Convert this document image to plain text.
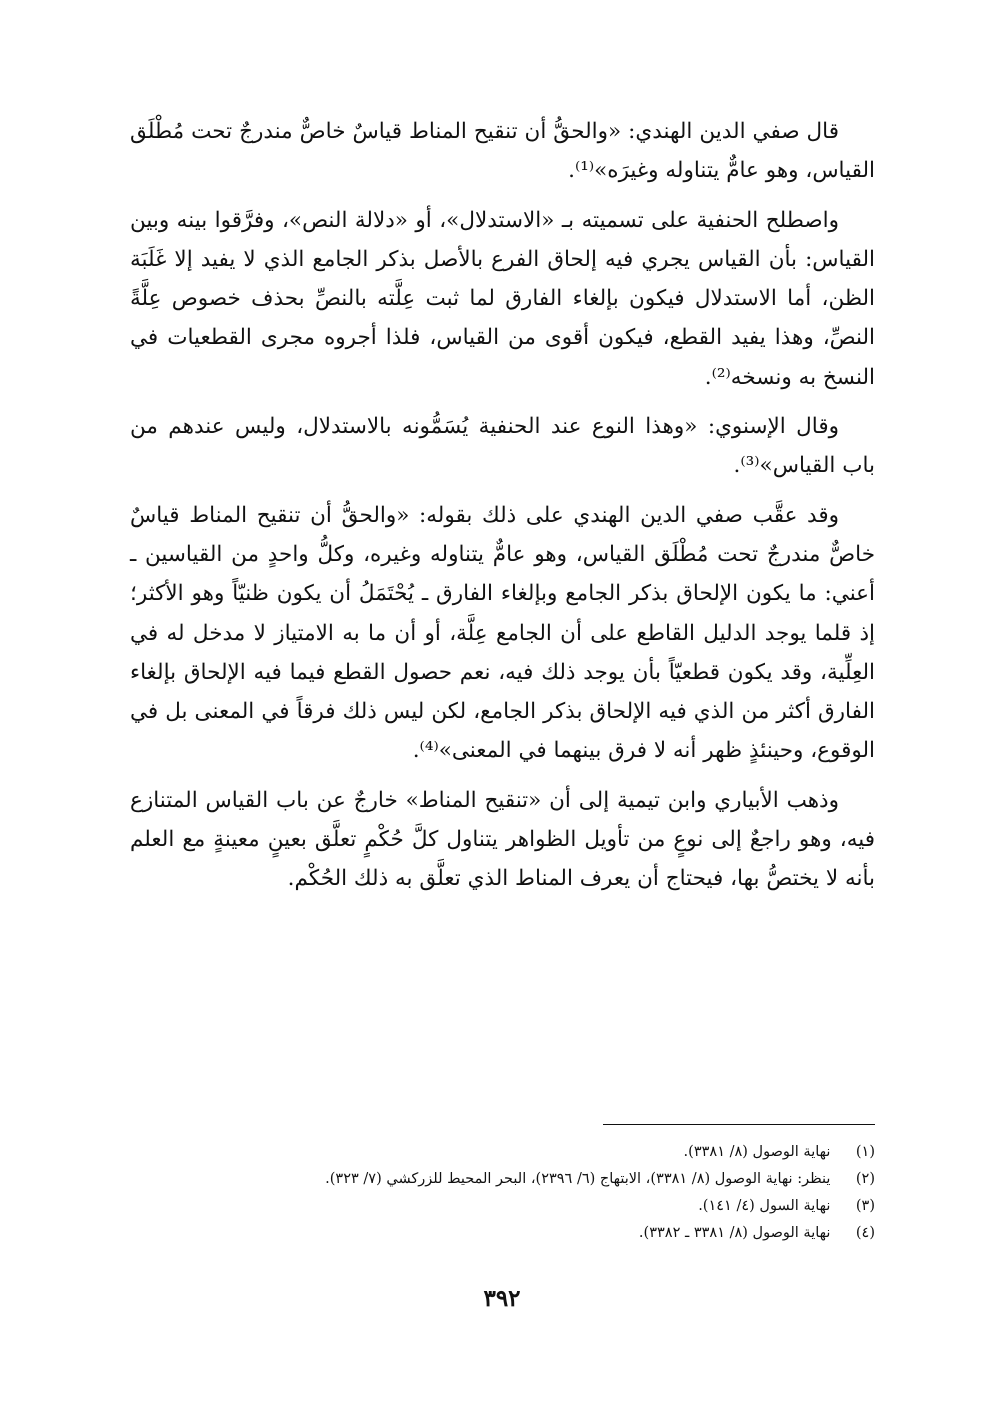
قال صفي الدين الهندي: «والحقُّ أن تنقيح المناط قياسٌ خاصٌّ مندرجٌ تحت مُطْلَق القياس، وهو عامٌّ يتناوله وغيرَه»⁽¹⁾.

واصطلح الحنفية على تسميته بـ «الاستدلال»، أو «دلالة النص»، وفرَّقوا بينه وبين القياس: بأن القياس يجري فيه إلحاق الفرع بالأصل بذكر الجامع الذي لا يفيد إلا غَلَبَة الظن، أما الاستدلال فيكون بإلغاء الفارق لما ثبت عِلَّته بالنصِّ بحذف خصوص عِلَّةً النصِّ، وهذا يفيد القطع، فيكون أقوى من القياس، فلذا أجروه مجرى القطعيات في النسخ به ونسخه⁽²⁾.

وقال الإسنوي: «وهذا النوع عند الحنفية يُسَمُّونه بالاستدلال، وليس عندهم من باب القياس»⁽³⁾.

وقد عقَّب صفي الدين الهندي على ذلك بقوله: «والحقُّ أن تنقيح المناط قياسٌ خاصٌّ مندرجٌ تحت مُطْلَق القياس، وهو عامٌّ يتناوله وغيره، وكلُّ واحدٍ من القياسين ـ أعني: ما يكون الإلحاق بذكر الجامع وبإلغاء الفارق ـ يُحْتَمَلُ أن يكون ظنيّاً وهو الأكثر؛ إذ قلما يوجد الدليل القاطع على أن الجامع عِلَّة، أو أن ما به الامتياز لا مدخل له في العِلِّية، وقد يكون قطعيّاً بأن يوجد ذلك فيه، نعم حصول القطع فيما فيه الإلحاق بإلغاء الفارق أكثر من الذي فيه الإلحاق بذكر الجامع، لكن ليس ذلك فرقاً في المعنى بل في الوقوع، وحينئذٍ ظهر أنه لا فرق بينهما في المعنى»⁽⁴⁾.

وذهب الأبياري وابن تيمية إلى أن «تنقيح المناط» خارجٌ عن باب القياس المتنازع فيه، وهو راجعٌ إلى نوعٍ من تأويل الظواهر يتناول كلَّ حُكْمٍ تعلَّق بعينٍ معينةٍ مع العلم بأنه لا يختصُّ بها، فيحتاج أن يعرف المناط الذي تعلَّق به ذلك الحُكْم.

(١) نهاية الوصول (٨/ ٣٣٨١).
(٢) ينظر: نهاية الوصول (٨/ ٣٣٨١)، الابتهاج (٦/ ٢٣٩٦)، البحر المحيط للزركشي (٧/ ٣٢٣).
(٣) نهاية السول (٤/ ١٤١).
(٤) نهاية الوصول (٨/ ٣٣٨١ ـ ٣٣٨٢).
٣٩٢
